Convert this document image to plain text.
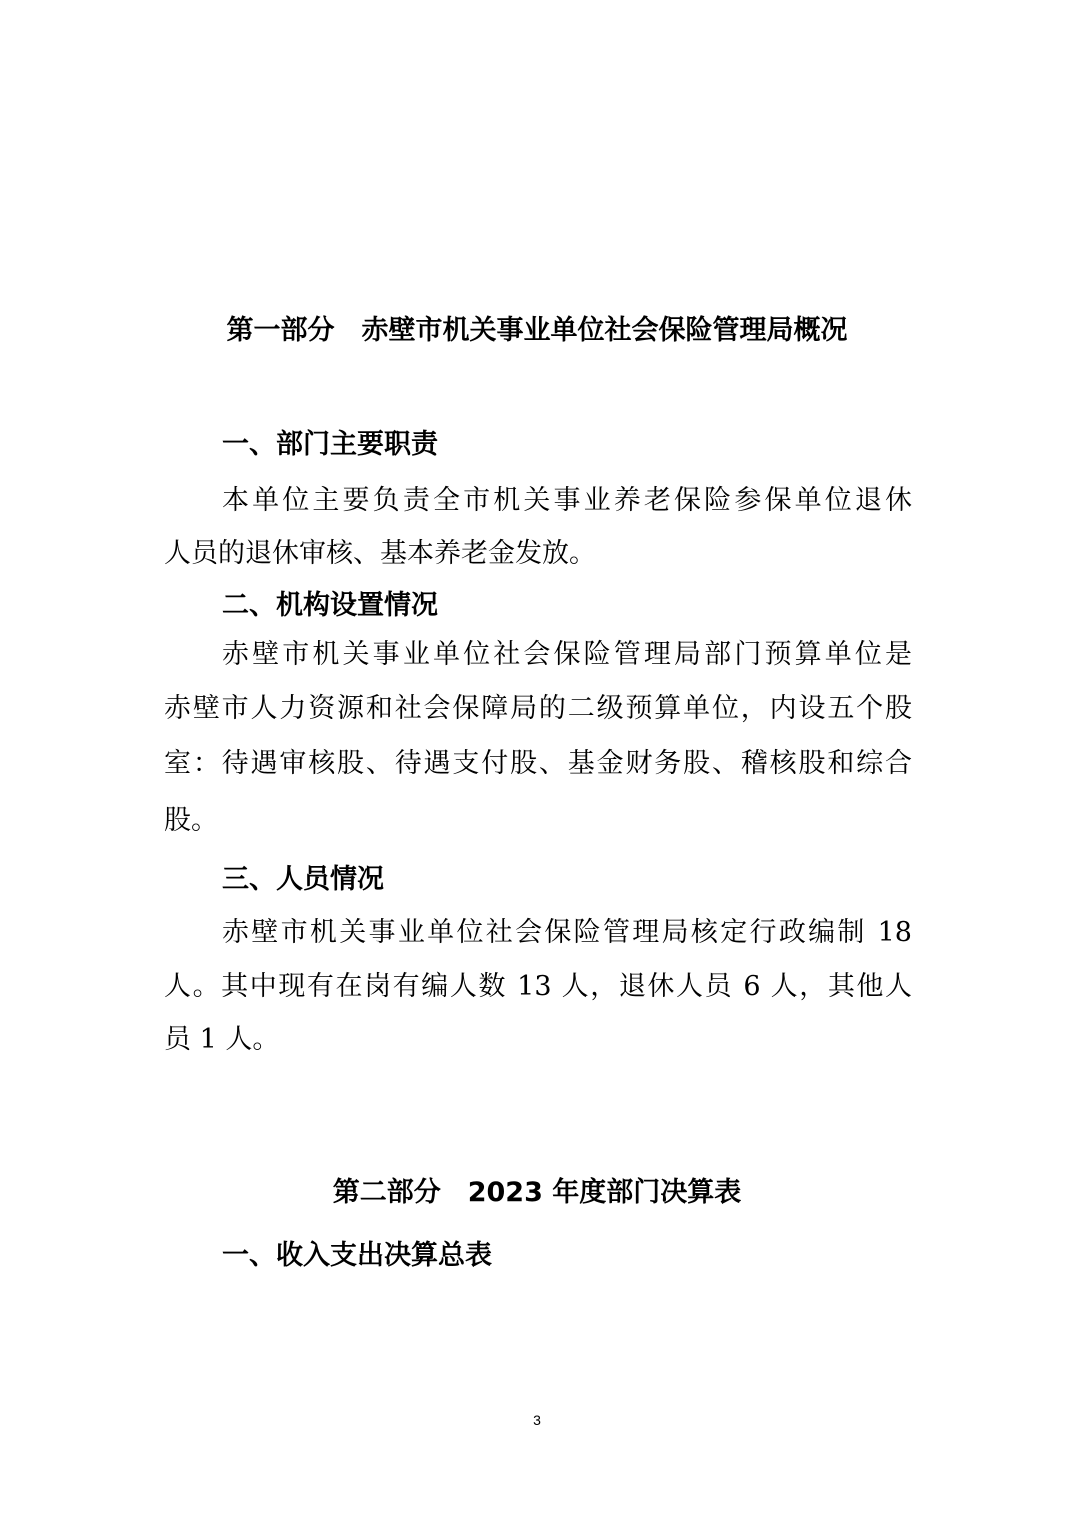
第一部分　赤壁市机关事业单位社会保险管理局概况
一、部门主要职责
本单位主要负责全市机关事业养老保险参保单位退休
人员的退休审核、基本养老金发放。
二、机构设置情况
赤壁市机关事业单位社会保险管理局部门预算单位是
赤壁市人力资源和社会保障局的二级预算单位，内设五个股
室：待遇审核股、待遇支付股、基金财务股、稽核股和综合
股。
三、人员情况
赤壁市机关事业单位社会保险管理局核定行政编制 18
人。其中现有在岗有编人数 13 人，退休人员 6 人，其他人
员 1 人。
第二部分　2023 年度部门决算表
一、收入支出决算总表
3
